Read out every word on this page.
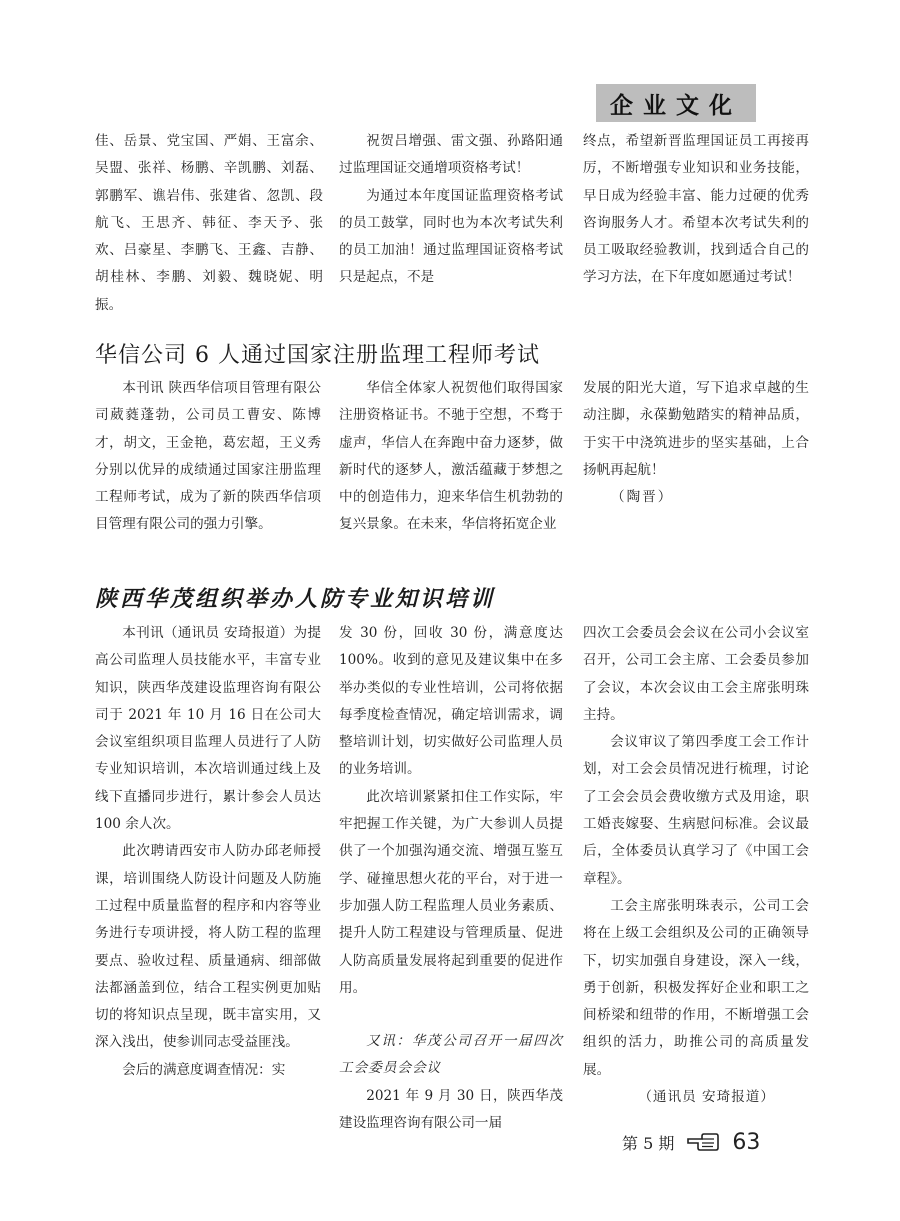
企业文化

佳、岳景、党宝国、严娟、王富余、吴盟、张祥、杨鹏、辛凯鹏、刘磊、郭鹏军、谯岩伟、张建省、忽凯、段航飞、王思齐、韩征、李天予、张欢、吕豪星、李鹏飞、王鑫、吉静、胡桂林、李鹏、刘毅、魏晓妮、明振。

祝贺吕增强、雷文强、孙路阳通过监理国证交通增项资格考试！

为通过本年度国证监理资格考试的员工鼓掌，同时也为本次考试失利的员工加油！通过监理国证资格考试只是起点，不是

终点，希望新晋监理国证员工再接再厉，不断增强专业知识和业务技能，早日成为经验丰富、能力过硬的优秀咨询服务人才。希望本次考试失利的员工吸取经验教训，找到适合自己的学习方法，在下年度如愿通过考试！

华信公司 6 人通过国家注册监理工程师考试

本刊讯 陕西华信项目管理有限公司葳蕤蓬勃，公司员工曹安、陈博才，胡文，王金艳，葛宏超，王义秀分别以优异的成绩通过国家注册监理工程师考试，成为了新的陕西华信项目管理有限公司的强力引擎。

华信全体家人祝贺他们取得国家注册资格证书。不驰于空想，不骛于虚声，华信人在奔跑中奋力逐梦，做新时代的逐梦人，激活蕴藏于梦想之中的创造伟力，迎来华信生机勃勃的复兴景象。在未来，华信将拓宽企业

发展的阳光大道，写下追求卓越的生动注脚，永葆勤勉踏实的精神品质，于实干中浇筑进步的坚实基础，上合扬帆再起航！

（陶晋）

陕西华茂组织举办人防专业知识培训

本刊讯（通讯员 安琦报道）为提高公司监理人员技能水平，丰富专业知识，陕西华茂建设监理咨询有限公司于 2021 年 10 月 16 日在公司大会议室组织项目监理人员进行了人防专业知识培训，本次培训通过线上及线下直播同步进行，累计参会人员达 100 余人次。

此次聘请西安市人防办邱老师授课，培训围绕人防设计问题及人防施工过程中质量监督的程序和内容等业务进行专项讲授，将人防工程的监理要点、验收过程、质量通病、细部做法都涵盖到位，结合工程实例更加贴切的将知识点呈现，既丰富实用，又深入浅出，使参训同志受益匪浅。

会后的满意度调查情况：实

发 30 份，回收 30 份，满意度达 100%。收到的意见及建议集中在多举办类似的专业性培训，公司将依据每季度检查情况，确定培训需求，调整培训计划，切实做好公司监理人员的业务培训。

此次培训紧紧扣住工作实际，牢牢把握工作关键，为广大参训人员提供了一个加强沟通交流、增强互鉴互学、碰撞思想火花的平台，对于进一步加强人防工程监理人员业务素质、提升人防工程建设与管理质量、促进人防高质量发展将起到重要的促进作用。

又讯：华茂公司召开一届四次工会委员会会议

2021 年 9 月 30 日，陕西华茂建设监理咨询有限公司一届

四次工会委员会会议在公司小会议室召开，公司工会主席、工会委员参加了会议，本次会议由工会主席张明珠主持。

会议审议了第四季度工会工作计划，对工会会员情况进行梳理，讨论了工会会员会费收缴方式及用途，职工婚丧嫁娶、生病慰问标准。会议最后，全体委员认真学习了《中国工会章程》。

工会主席张明珠表示，公司工会将在上级工会组织及公司的正确领导下，切实加强自身建设，深入一线，勇于创新，积极发挥好企业和职工之间桥梁和纽带的作用，不断增强工会组织的活力，助推公司的高质量发展。

（通讯员 安琦报道）

第 5 期	63
